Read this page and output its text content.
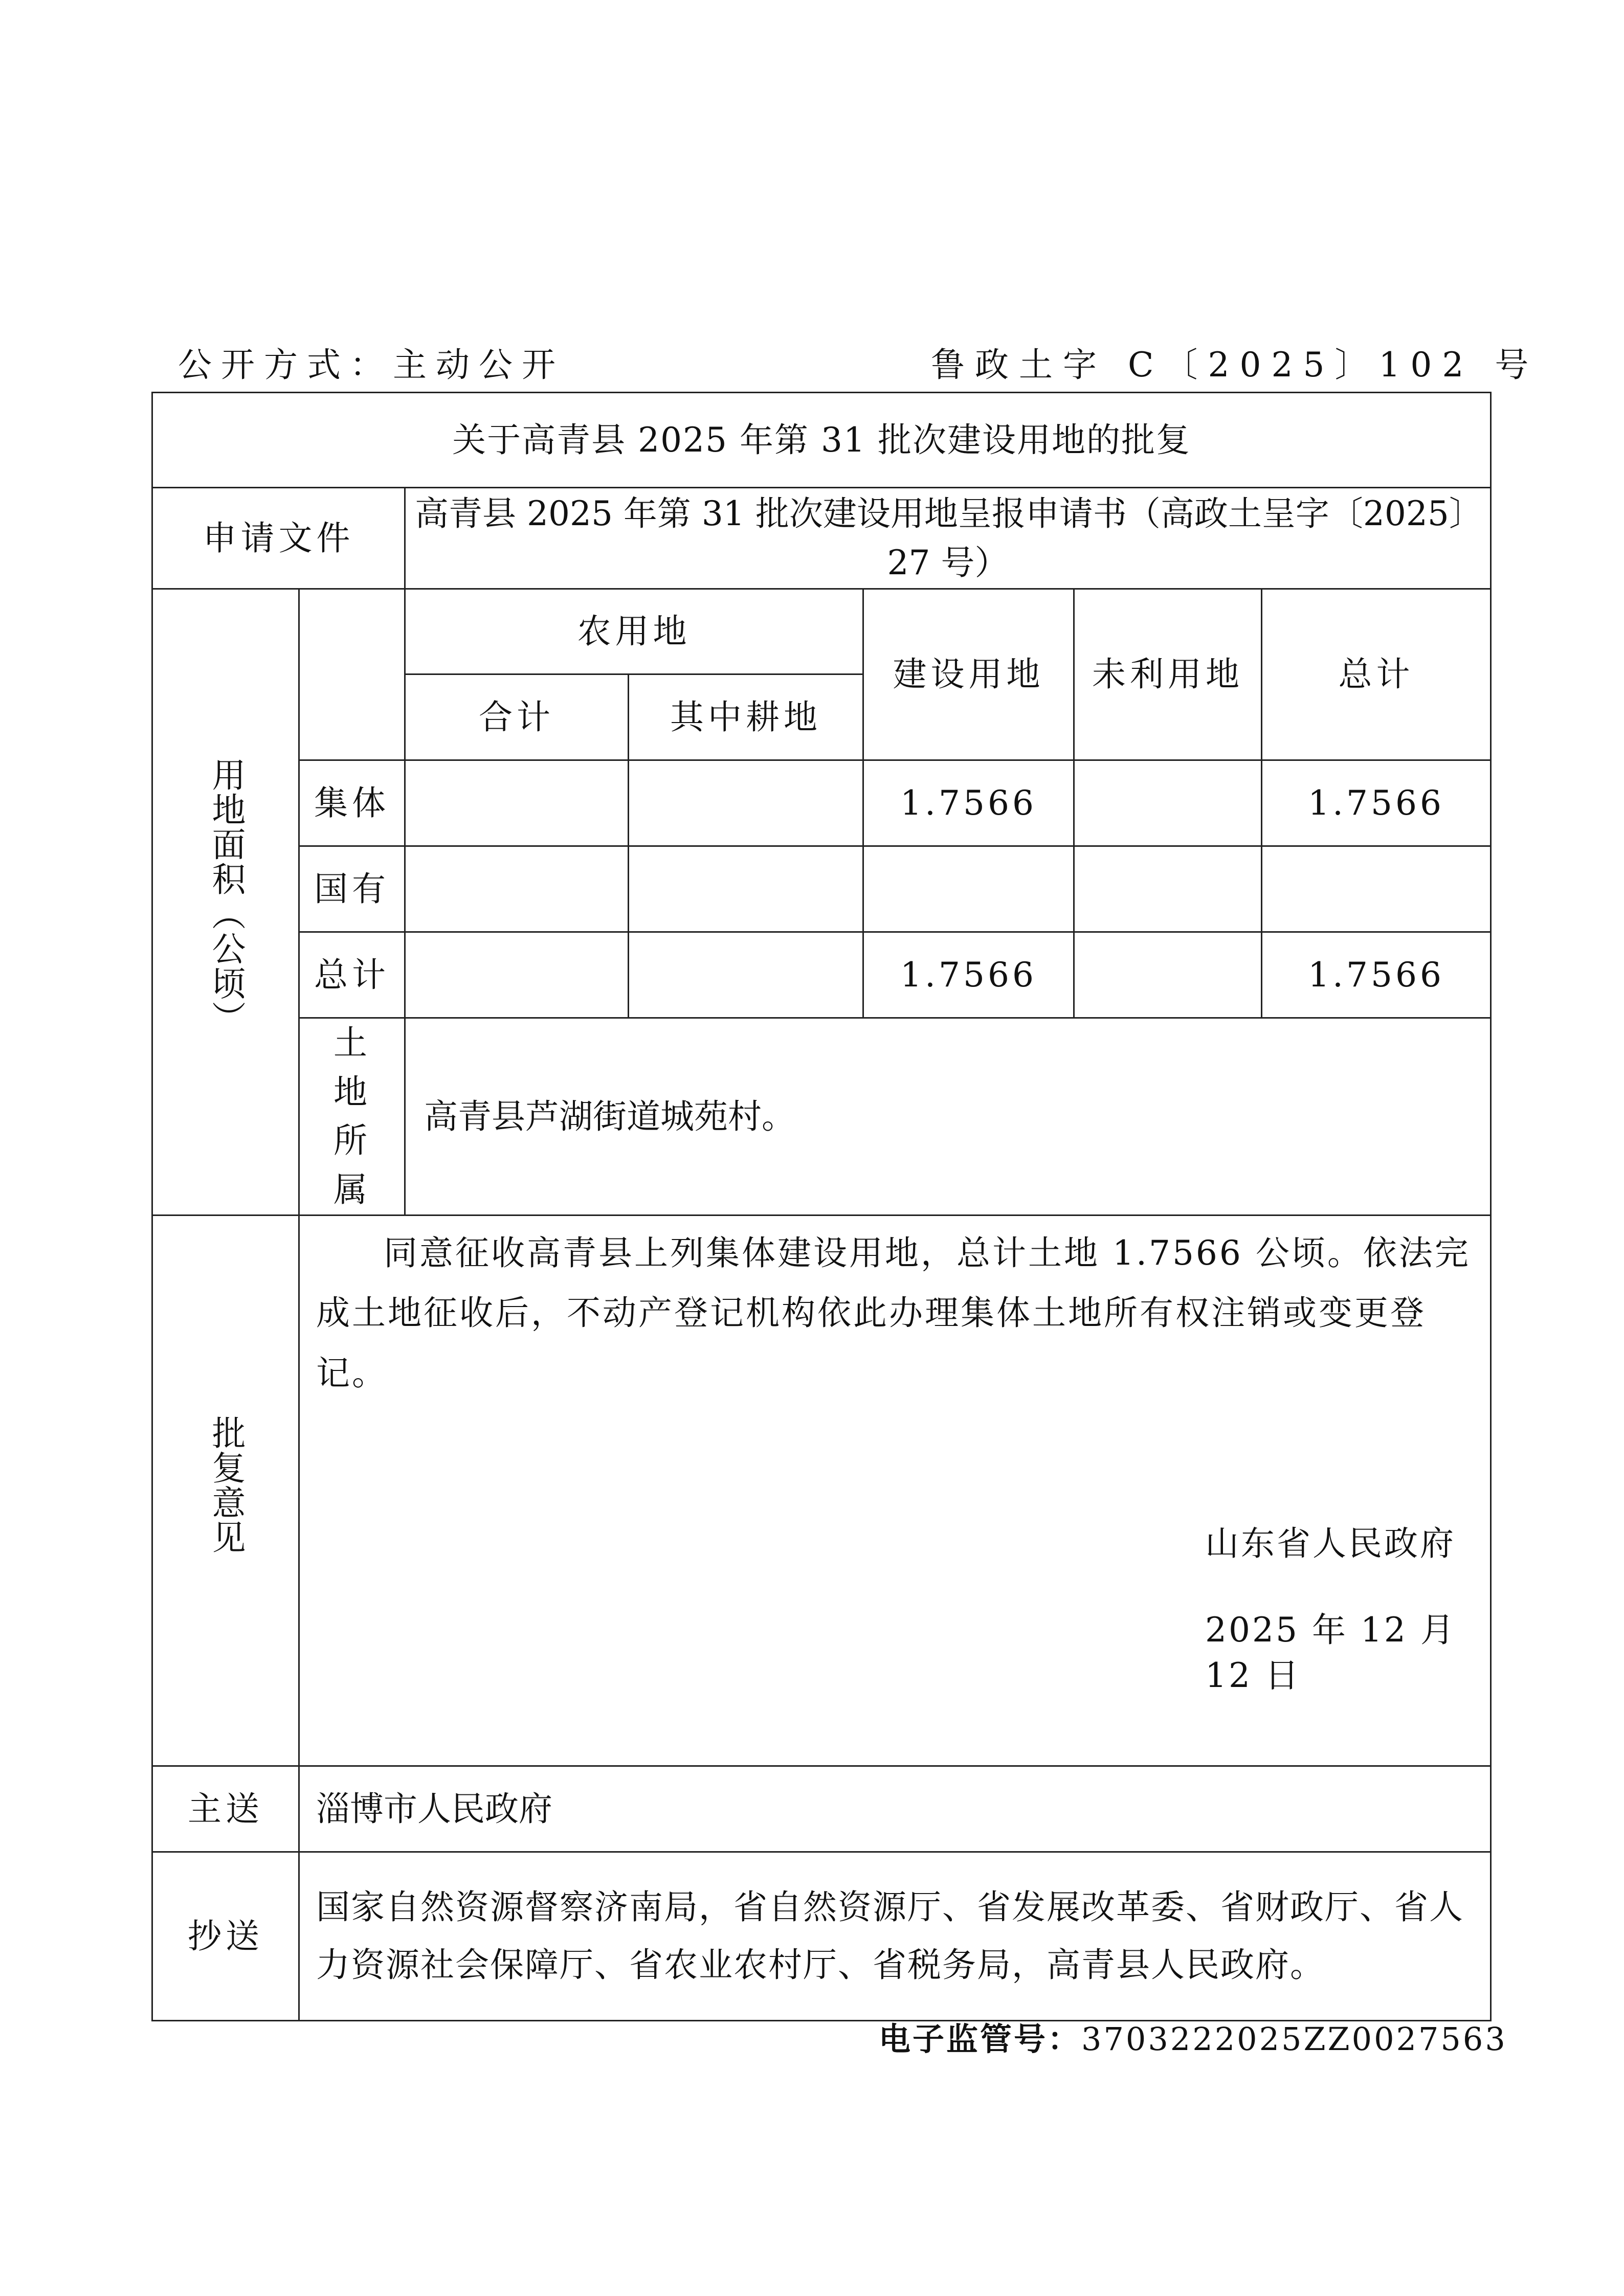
公开方式：主动公开	鲁政土字 C〔2025〕102 号
关于高青县 2025 年第 31 批次建设用地的批复						
申请文件		高青县 2025 年第 31 批次建设用地呈报申请书（高政土呈字〔2025〕
27 号）				
用地面积（公顷）		农用地		建设用地	未利用地	总计
		合计	其中耕地			
	集体			1.7566		1.7566
	国有					
	总计			1.7566		1.7566

	土地所属	高青县芦湖街道城苑村。				
批复意见	同意征收高青县上列集体建设用地，总计土地 1.7566 公顷。依法完成土地征收后，不动产登记机构依此办理集体土地所有权注销或变更登记。
山东省人民政府
2025 年 12 月 12 日					

主送	淄博市人民政府					
抄送	国家自然资源督察济南局，省自然资源厅、省发展改革委、省财政厅、省人力资源社会保障厅、省农业农村厅、省税务局，高青县人民政府。					
电子监管号：3703222025ZZ0027563
